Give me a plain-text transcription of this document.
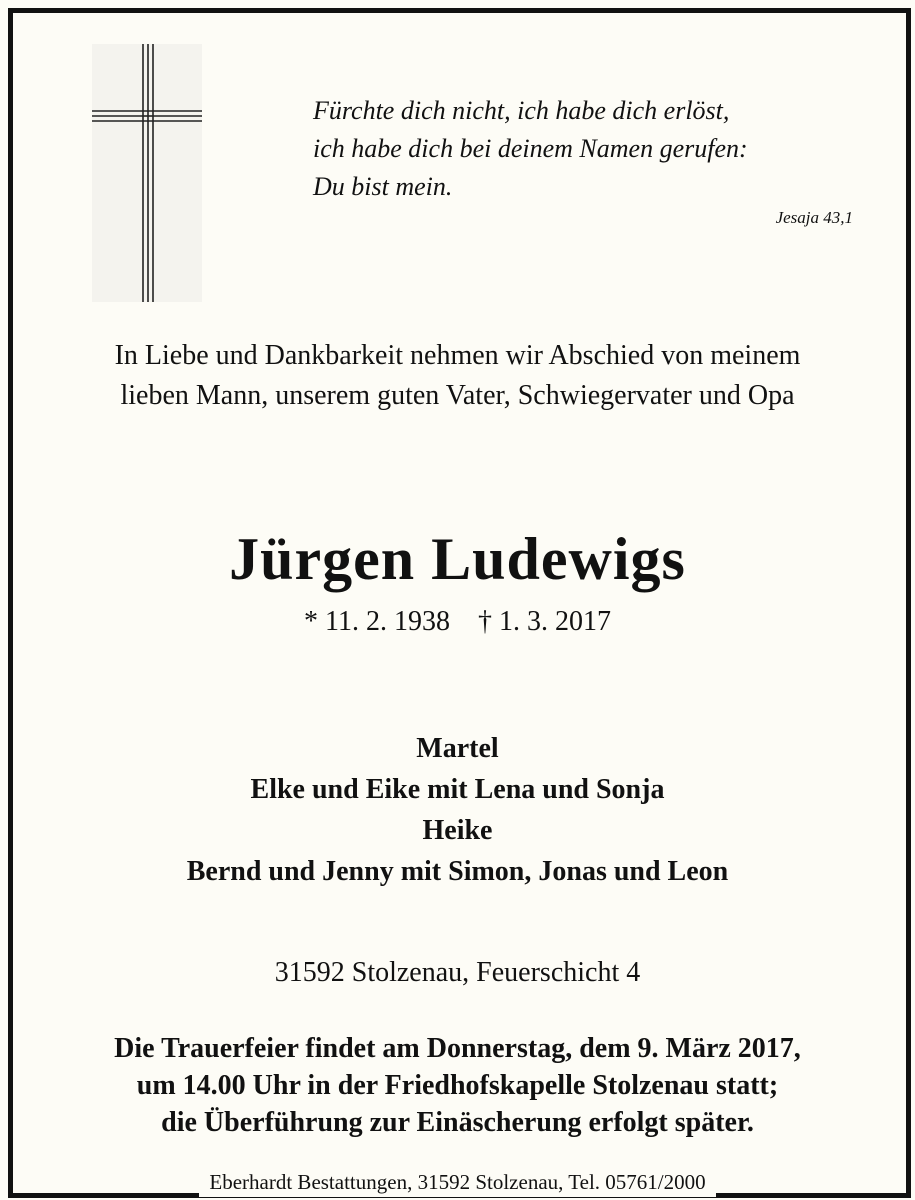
Fürchte dich nicht, ich habe dich erlöst,
ich habe dich bei deinem Namen gerufen:
Du bist mein.
Jesaja 43,1
In Liebe und Dankbarkeit nehmen wir Abschied von meinem
lieben Mann, unserem guten Vater, Schwiegervater und Opa
Jürgen Ludewigs
* 11. 2. 1938    † 1. 3. 2017
Martel
Elke und Eike mit Lena und Sonja
Heike
Bernd und Jenny mit Simon, Jonas und Leon
31592 Stolzenau, Feuerschicht 4
Die Trauerfeier findet am Donnerstag, dem 9. März 2017,
um 14.00 Uhr in der Friedhofskapelle Stolzenau statt;
die Überführung zur Einäscherung erfolgt später.
Eberhardt Bestattungen, 31592 Stolzenau, Tel. 05761/2000
